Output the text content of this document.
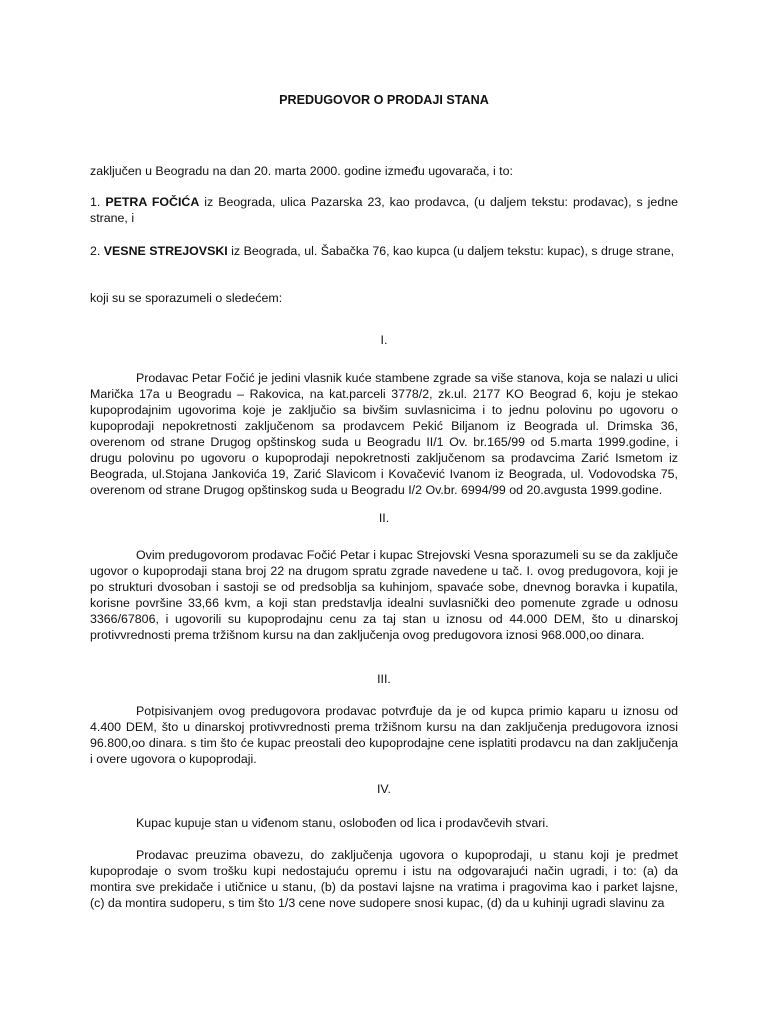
PREDUGOVOR O PRODAJI STANA

zaključen u Beogradu na dan 20. marta 2000. godine između ugovarača, i to:

1. PETRA FOČIĆA iz Beograda, ulica Pazarska 23, kao prodavca, (u daljem tekstu: prodavac), s jedne strane, i

2. VESNE STREJOVSKI iz Beograda, ul. Šabačka 76, kao kupca (u daljem tekstu: kupac), s druge strane,

koji su se sporazumeli o sledećem:

I.

Prodavac Petar Fočić je jedini vlasnik kuće stambene zgrade sa više stanova, koja se nalazi u ulici Marička 17a u Beogradu – Rakovica, na kat.parceli 3778/2, zk.ul. 2177 KO Beograd 6, koju je stekao kupoprodajnim ugovorima koje je zaključio sa bivšim suvlasnicima i to jednu polovinu po ugovoru o kupoprodaji nepokretnosti zaključenom sa prodavcem Pekić Biljanom iz Beograda ul. Drimska 36, overenom od strane Drugog opštinskog suda u Beogradu II/1 Ov. br.165/99 od 5.marta 1999.godine, i drugu polovinu po ugovoru o kupoprodaji nepokretnosti zaključenom sa prodavcima Zarić Ismetom iz Beograda, ul.Stojana Jankovića 19, Zarić Slavicom i Kovačević Ivanom iz Beograda, ul. Vodovodska 75, overenom od strane Drugog opštinskog suda u Beogradu I/2 Ov.br. 6994/99 od 20.avgusta 1999.godine.

II.

Ovim predugovorom prodavac Fočić Petar i kupac Strejovski Vesna sporazumeli su se da zaključe ugovor o kupoprodaji stana broj 22 na drugom spratu zgrade navedene u tač. I. ovog predugovora, koji je po strukturi dvosoban i sastoji se od predsoblja sa kuhinjom, spavaće sobe, dnevnog boravka i kupatila, korisne površine 33,66 kvm, a koji stan predstavlja idealni suvlasnički deo pomenute zgrade u odnosu 3366/67806, i ugovorili su kupoprodajnu cenu za taj stan u iznosu od 44.000 DEM, što u dinarskoj protivvrednosti prema tržišnom kursu na dan zaključenja ovog predugovora iznosi 968.000,oo dinara.

III.

Potpisivanjem ovog predugovora prodavac potvrđuje da je od kupca primio kaparu u iznosu od 4.400 DEM, što u dinarskoj protivvrednosti prema tržišnom kursu na dan zaključenja predugovora iznosi 96.800,oo dinara. s tim što će kupac preostali deo kupoprodajne cene isplatiti prodavcu na dan zaključenja i overe ugovora o kupoprodaji.

IV.

Kupac kupuje stan u viđenom stanu, oslobođen od lica i prodavčevih stvari.

Prodavac preuzima obavezu, do zaključenja ugovora o kupoprodaji, u stanu koji je predmet kupoprodaje o svom trošku kupi nedostajuću opremu i istu na odgovarajući način ugradi, i to: (a) da montira sve prekidače i utičnice u stanu, (b) da postavi lajsne na vratima i pragovima kao i parket lajsne, (c) da montira sudoperu, s tim što 1/3 cene nove sudopere snosi kupac, (d) da u kuhinji ugradi slavinu za
